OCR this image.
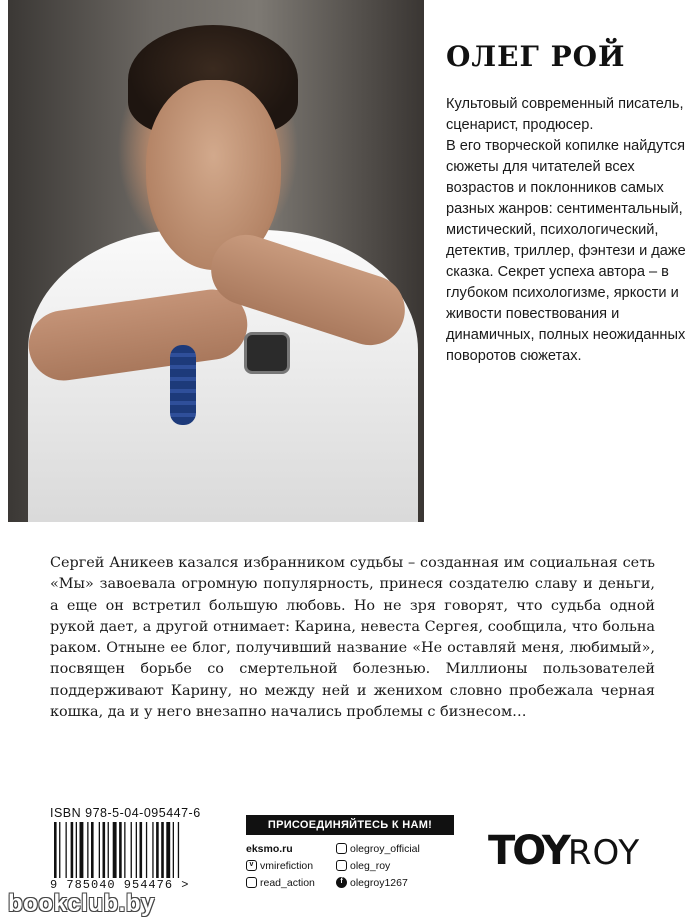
ОЛЕГ РОЙ

Культовый современный писатель, сценарист, продюсер.

В его творческой копилке найдутся сюжеты для читателей всех возрастов и поклонников самых разных жанров: сентиментальный, мистический, психологический, детектив, триллер, фэнтези и даже сказка. Секрет успеха автора – в глубоком психологизме, яркости и живости повествования и динамичных, полных неожиданных поворотов сюжетах.

Сергей Аникеев казался избранником судьбы – созданная им социальная сеть «Мы» завоевала огромную популярность, принеся создателю славу и деньги, а еще он встретил большую любовь. Но не зря говорят, что судьба одной рукой дает, а другой отнимает: Карина, невеста Сергея, сообщила, что больна раком. Отныне ее блог, получивший название «Не оставляй меня, любимый», посвящен борьбе со смертельной болезнью. Миллионы пользователей поддерживают Карину, но между ней и женихом словно пробежала черная кошка, да и у него внезапно начались проблемы с бизнесом…

ISBN 978-5-04-095447-6
9 785040 954476 >
ПРИСОЕДИНЯЙТЕСЬ К НАМ!
eksmo.ru	olegroy_official
v vmirefiction	oleg_roy
read_action	f olegroy1267
TOYROY
bookclub.by
